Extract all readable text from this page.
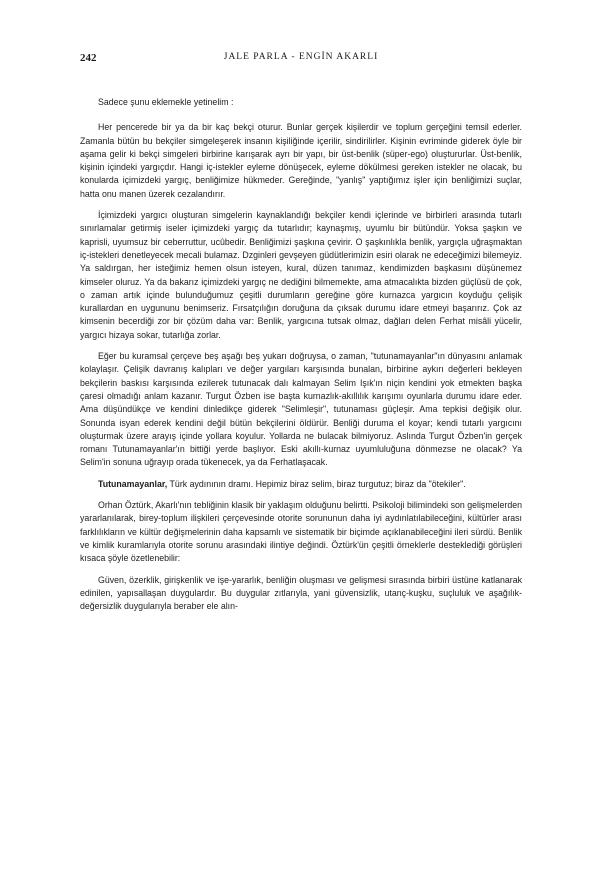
242	JALE PARLA - ENGİN AKARLI

Sadece şunu eklemekle yetinelim :

Her pencerede bir ya da bir kaç bekçi oturur. Bunlar gerçek kişilerdir ve toplum gerçeğini temsil ederler. Zamanla bütün bu bekçiler simgeleşerek insanın kişiliğinde içerilir, sindirilirler. Kişinin evriminde giderek öyle bir aşama gelir ki bekçi simgeleri birbirine karışarak ayrı bir yapı, bir üst-benlik (süper-ego) oluştururlar. Üst-benlik, kişinin içindeki yargıçdır. Hangi iç-istekler eyleme dönüşecek, eyleme dökülmesi gereken istekler ne olacak, bu konularda içimizdeki yargıç, benliğimize hükmeder. Gereğinde, "yanlış" yaptığımız işler için benliğimizi suçlar, hatta onu manen üzerek cezalandırır.

İçimizdeki yargıcı oluşturan simgelerin kaynaklandığı bekçiler kendi içlerinde ve birbirleri arasında tutarlı sınırlamalar getirmiş iseler içimizdeki yargıç da tutarlıdır; kaynaşmış, uyumlu bir bütündür. Yoksa şaşkın ve kaprisli, uyumsuz bir ceberruttur, ucûbedir. Benliğimizi şaşkına çevirir. O şaşkınlıkla benlik, yargıçla uğraşmaktan iç-istekleri denetleyecek mecali bulamaz. Dzginleri gevşeyen güdütlerimizin esiri olarak ne edeceğimizi bilemeyiz. Ya saldırgan, her isteğimiz hemen olsun isteyen, kural, düzen tanımaz, kendimizden başkasını düşünemez kimseler oluruz. Ya da bakarız içimizdeki yargıç ne dediğini bilmemekte, ama atmacalıkta bizden güçlüsü de çok, o zaman artık içinde bulunduğumuz çeşitli durumların gereğine göre kurnazca yargıcın koyduğu çelişik kurallardan en uygununu benimseriz. Fırsatçılığın doruğuna da çıksak durumu idare etmeyi başarırız. Çok az kimsenin becerdiği zor bir çözüm daha var: Benlik, yargıcına tutsak olmaz, dağları delen Ferhat misâli yücelir, yargıcı hizaya sokar, tutarlığa zorlar.

Eğer bu kuramsal çerçeve beş aşağı beş yukarı doğruysa, o zaman, "tutunamayanlar"ın dünyasını anlamak kolaylaşır. Çelişik davranış kalıpları ve değer yargıları karşısında bunalan, birbirine aykırı değerleri bekleyen bekçilerin baskısı karşısında ezilerek tutunacak dalı kalmayan Selim Işık'ın niçin kendini yok etmekten başka çaresi olmadığı anlam kazanır. Turgut Özben ise başta kurnazlık-akıllılık karışımı oyunlarla durumu idare eder. Ama düşündükçe ve kendini dinledikçe giderek "Selimleşir", tutunaması güçleşir. Ama tepkisi değişik olur. Sonunda isyan ederek kendini değil bütün bekçilerini öldürür. Benliği duruma el koyar; kendi tutarlı yargıcını oluşturmak üzere arayış içinde yollara koyulur. Yollarda ne bulacak bilmiyoruz. Aslında Turgut Özben'in gerçek romanı Tutunamayanlar'ın bittiği yerde başlıyor. Eski akıllı-kurnaz uyumluluğuna dönmezse ne olacak? Ya Selim'in sonuna uğrayıp orada tükenecek, ya da Ferhatlaşacak.

Tutunamayanlar, Türk aydınının dramı. Hepimiz biraz selim, biraz turgutuz; biraz da "ötekiler".

Orhan Öztürk, Akarlı'nın tebliğinin klasik bir yaklaşım olduğunu belirtti. Psikoloji bilimindeki son gelişmelerden yararlanılarak, birey-toplum ilişkileri çerçevesinde otorite sorununun daha iyi aydınlatılabileceğini, kültürler arası farklılıkların ve kültür değişmelerinin daha kapsamlı ve sistematik bir biçimde açıklanabileceğini ileri sürdü. Benlik ve kimlik kuramlarıyla otorite sorunu arasındaki ilintiye değindi. Öztürk'ün çeşitli örneklerle desteklediği görüşleri kısaca şöyle özetlenebilir:

Güven, özerklik, girişkenlik ve işe-yararlık, benliğin oluşması ve gelişmesi sırasında birbiri üstüne katlanarak edinilen, yapısallaşan duygulardır. Bu duygular zıtlarıyla, yani güvensizlik, utanç-kuşku, suçluluk ve aşağılık-değersizlik duygularıyla beraber ele alın-
